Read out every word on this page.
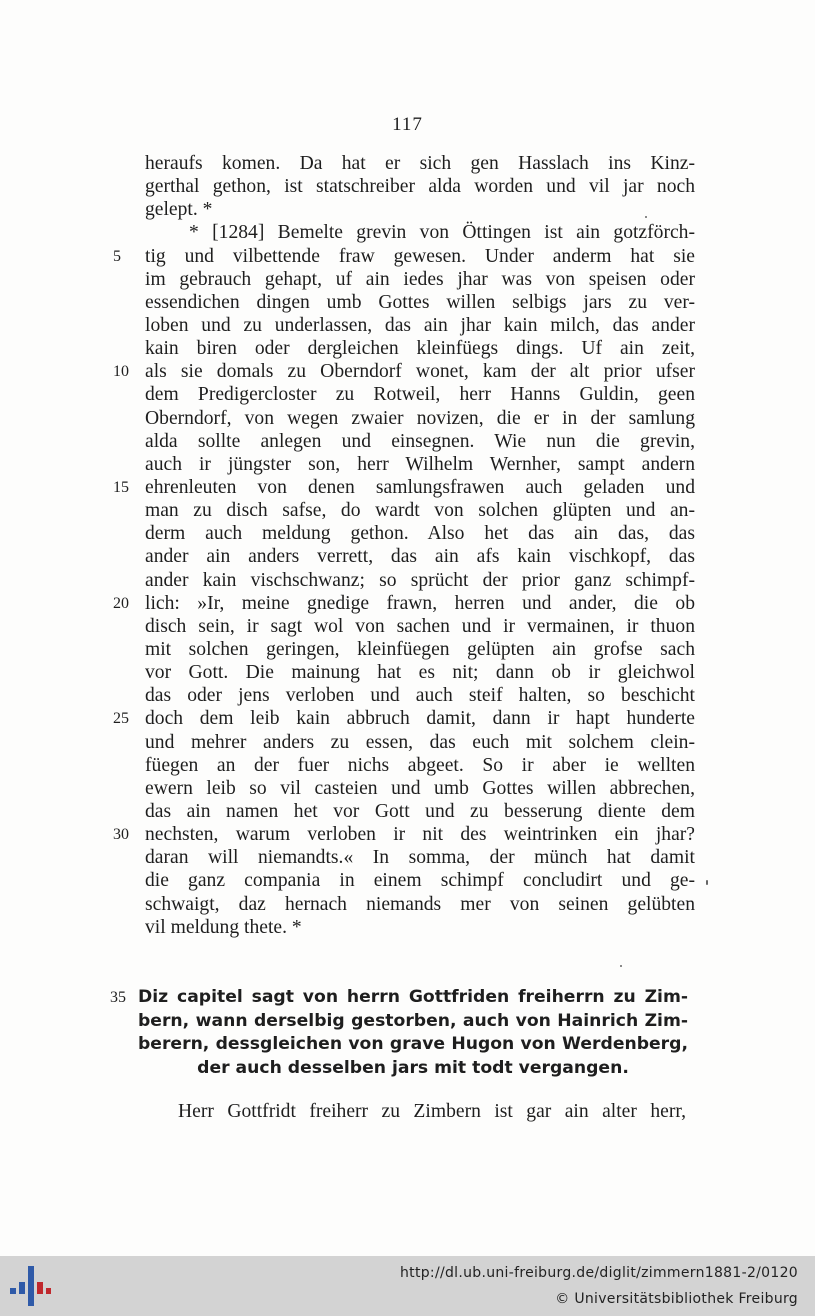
117
heraufs komen. Da hat er sich gen Hasslach ins Kinz-
gerthal gethon, ist statschreiber alda worden und vil jar noch
gelept. *
* [1284] Bemelte grevin von Öttingen ist ain gotzförch-
tig und vilbettende fraw gewesen. Under anderm hat sie
5
im gebrauch gehapt, uf ain iedes jhar was von speisen oder
essendichen dingen umb Gottes willen selbigs jars zu ver-
loben und zu underlassen, das ain jhar kain milch, das ander
kain biren oder dergleichen kleinfüegs dings. Uf ain zeit,
als sie domals zu Oberndorf wonet, kam der alt prior ufser
10
dem Predigercloster zu Rotweil, herr Hanns Guldin, geen
Oberndorf, von wegen zwaier novizen, die er in der samlung
alda sollte anlegen und einsegnen. Wie nun die grevin,
auch ir jüngster son, herr Wilhelm Wernher, sampt andern
ehrenleuten von denen samlungsfrawen auch geladen und
15
man zu disch safse, do wardt von solchen glüpten und an-
derm auch meldung gethon. Also het das ain das, das
ander ain anders verrett, das ain afs kain vischkopf, das
ander kain vischschwanz; so sprücht der prior ganz schimpf-
lich: »Ir, meine gnedige frawn, herren und ander, die ob
20
disch sein, ir sagt wol von sachen und ir vermainen, ir thuon
mit solchen geringen, kleinfüegen gelüpten ain grofse sach
vor Gott. Die mainung hat es nit; dann ob ir gleichwol
das oder jens verloben und auch steif halten, so beschicht
doch dem leib kain abbruch damit, dann ir hapt hunderte
25
und mehrer anders zu essen, das euch mit solchem clein-
füegen an der fuer nichs abgeet. So ir aber ie wellten
ewern leib so vil casteien und umb Gottes willen abbrechen,
das ain namen het vor Gott und zu besserung diente dem
nechsten, warum verloben ir nit des weintrinken ein jhar?
30
daran will niemandts.« In somma, der münch hat damit
die ganz compania in einem schimpf concludirt und ge-
schwaigt, daz hernach niemands mer von seinen gelübten
vil meldung thete. *
Diz capitel sagt von herrn Gottfriden freiherrn zu Zim-
35
bern, wann derselbig gestorben, auch von Hainrich Zim-
berern, dessgleichen von grave Hugon von Werdenberg,
der auch desselben jars mit todt vergangen.
Herr Gottfridt freiherr zu Zimbern ist gar ain alter herr,
http://dl.ub.uni-freiburg.de/diglit/zimmern1881-2/0120
© Universitätsbibliothek Freiburg
